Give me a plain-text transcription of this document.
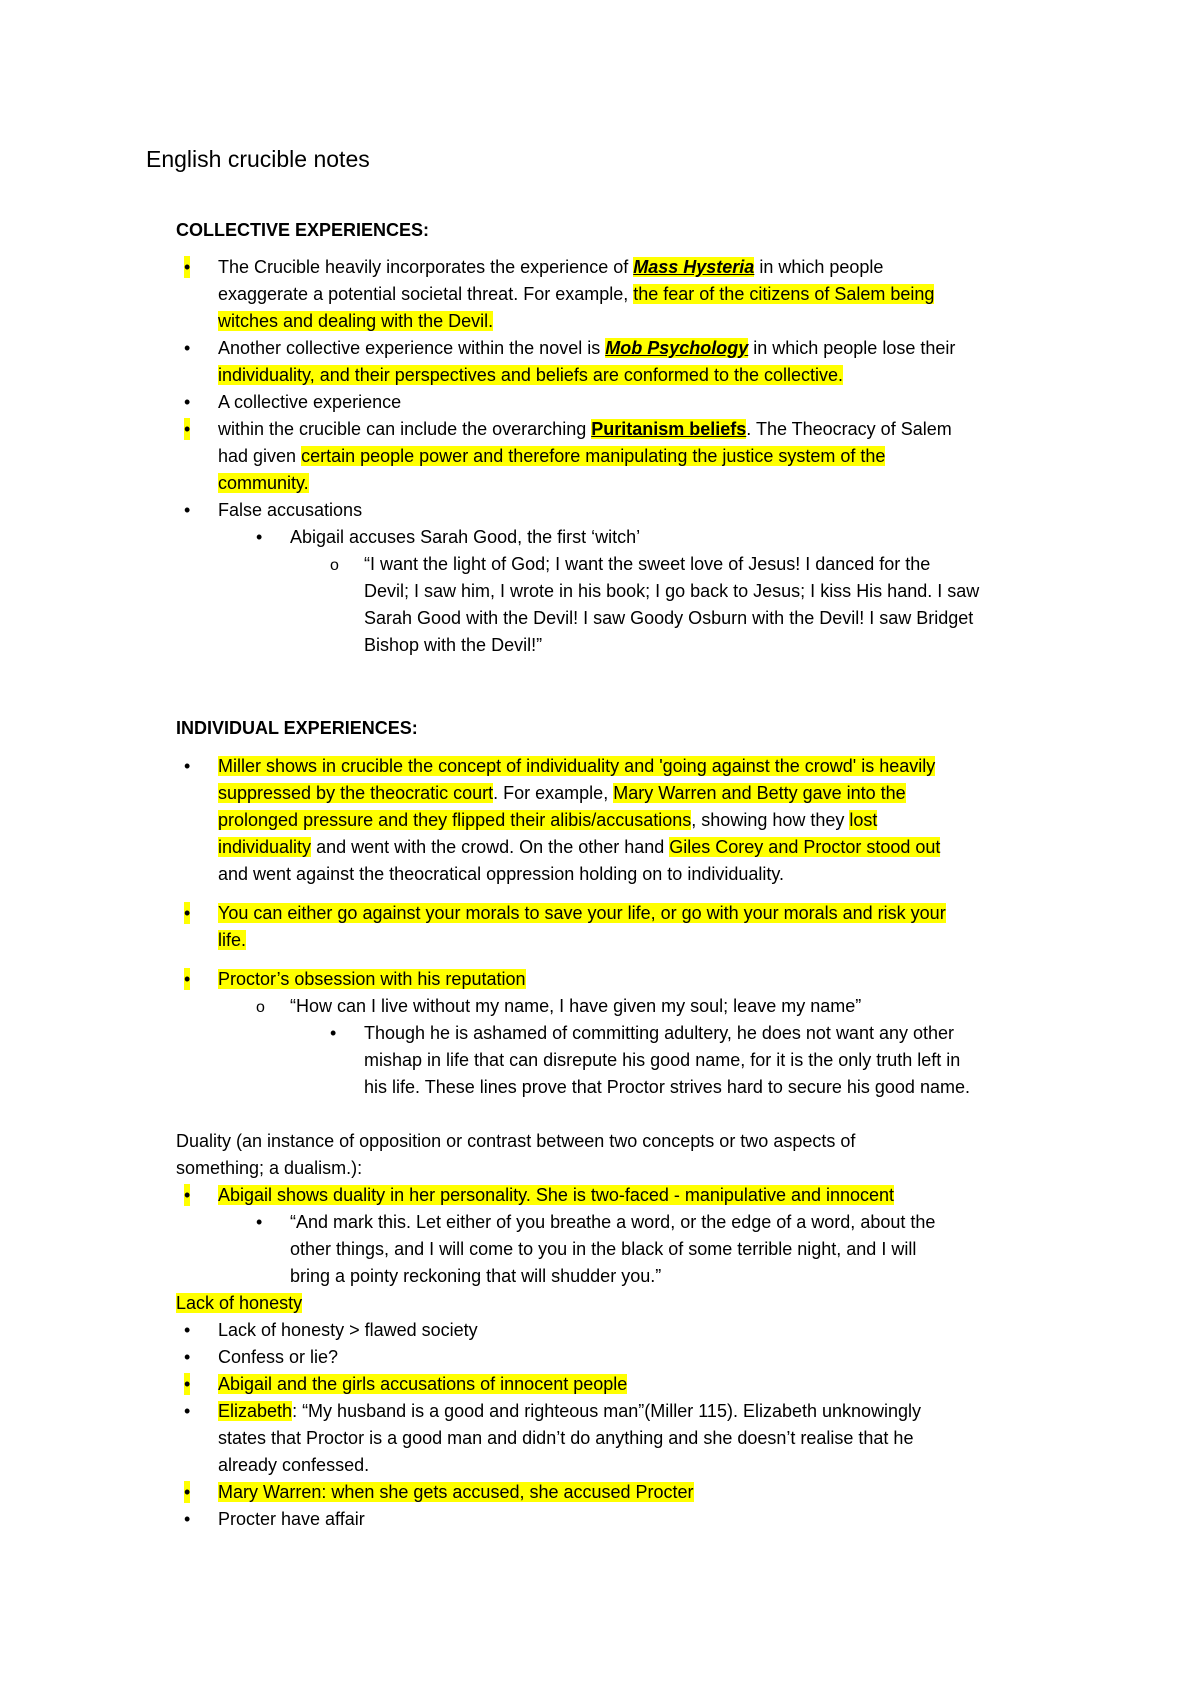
English crucible notes
COLLECTIVE EXPERIENCES:
•
The Crucible heavily incorporates the experience of Mass Hysteria in which people
exaggerate a potential societal threat. For example, the fear of the citizens of Salem being
witches and dealing with the Devil.
•
Another collective experience within the novel is Mob Psychology in which people lose their
individuality, and their perspectives and beliefs are conformed to the collective.
•
A collective experience
•
within the crucible can include the overarching Puritanism beliefs. The Theocracy of Salem
had given certain people power and therefore manipulating the justice system of the
community.
•
False accusations
•
Abigail accuses Sarah Good, the first ‘witch’
o
“I want the light of God; I want the sweet love of Jesus! I danced for the
Devil; I saw him, I wrote in his book; I go back to Jesus; I kiss His hand. I saw
Sarah Good with the Devil! I saw Goody Osburn with the Devil! I saw Bridget
Bishop with the Devil!”
INDIVIDUAL EXPERIENCES:
•
Miller shows in crucible the concept of individuality and 'going against the crowd' is heavily
suppressed by the theocratic court. For example, Mary Warren and Betty gave into the
prolonged pressure and they flipped their alibis/accusations, showing how they lost
individuality and went with the crowd. On the other hand Giles Corey and Proctor stood out
and went against the theocratical oppression holding on to individuality.
•
You can either go against your morals to save your life, or go with your morals and risk your
life.
•
Proctor’s obsession with his reputation
o
“How can I live without my name, I have given my soul; leave my name”
•
Though he is ashamed of committing adultery, he does not want any other
mishap in life that can disrepute his good name, for it is the only truth left in
his life. These lines prove that Proctor strives hard to secure his good name.
Duality (an instance of opposition or contrast between two concepts or two aspects of
something; a dualism.):
•
Abigail shows duality in her personality. She is two-faced - manipulative and innocent
•
“And mark this. Let either of you breathe a word, or the edge of a word, about the
other things, and I will come to you in the black of some terrible night, and I will
bring a pointy reckoning that will shudder you.”
Lack of honesty
•
Lack of honesty > flawed society
•
Confess or lie?
•
Abigail and the girls accusations of innocent people
•
Elizabeth: “My husband is a good and righteous man”(Miller 115). Elizabeth unknowingly
states that Proctor is a good man and didn’t do anything and she doesn’t realise that he
already confessed.
•
Mary Warren: when she gets accused, she accused Procter
•
Procter have affair
